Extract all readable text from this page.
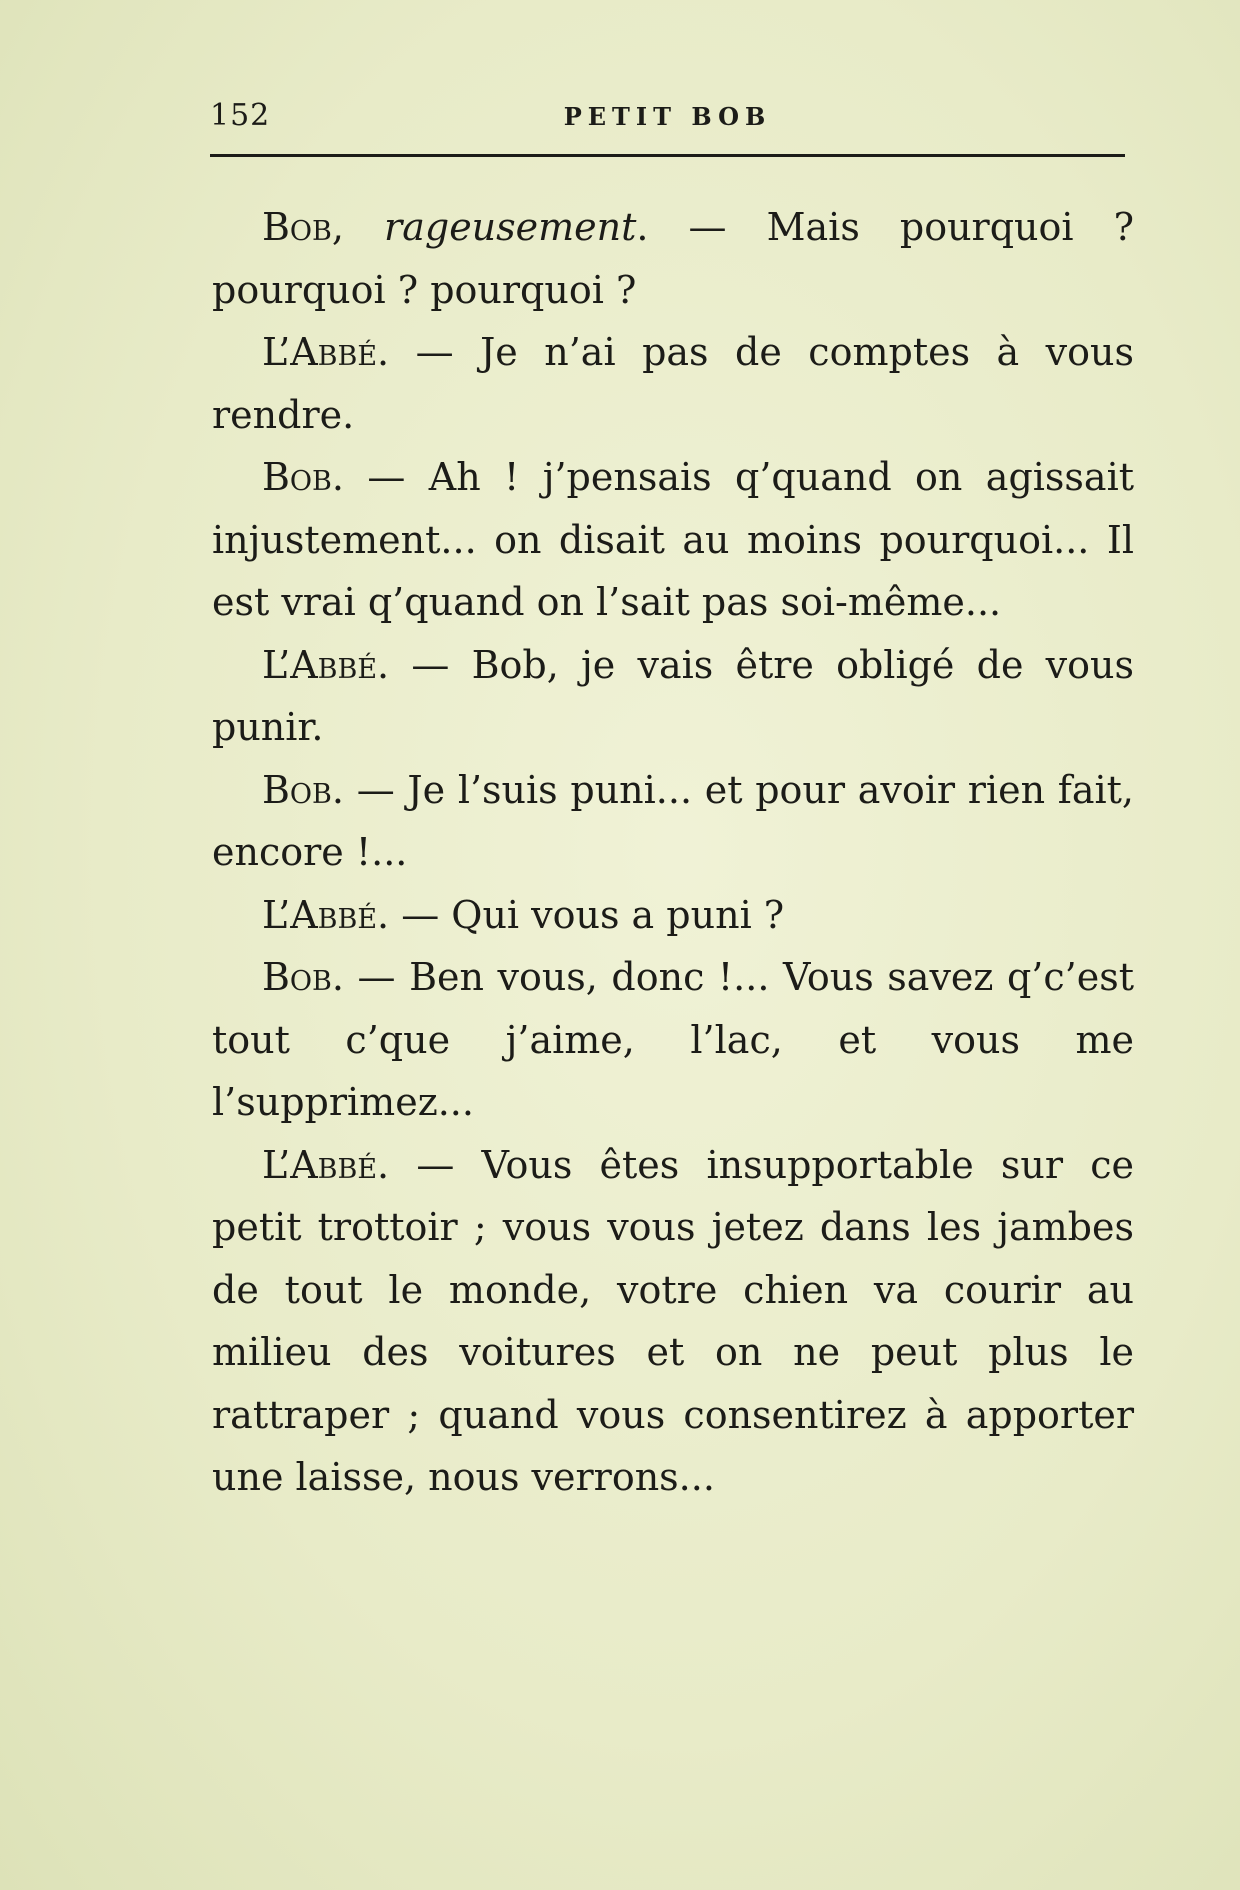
152	PETIT BOB

Bob, rageusement. — Mais pourquoi ? pourquoi ? pourquoi ?

L’Abbé. — Je n’ai pas de comptes à vous rendre.

Bob. — Ah ! j’pensais q’quand on agissait injustement... on disait au moins pourquoi... Il est vrai q’quand on l’sait pas soi-même...

L’Abbé. — Bob, je vais être obligé de vous punir.

Bob. — Je l’suis puni... et pour avoir rien fait, encore !...

L’Abbé. — Qui vous a puni ?

Bob. — Ben vous, donc !... Vous savez q’c’est tout c’que j’aime, l’lac, et vous me l’supprimez...

L’Abbé. — Vous êtes insupportable sur ce petit trottoir ; vous vous jetez dans les jambes de tout le monde, votre chien va courir au milieu des voitures et on ne peut plus le rattraper ; quand vous consentirez à apporter une laisse, nous verrons...
